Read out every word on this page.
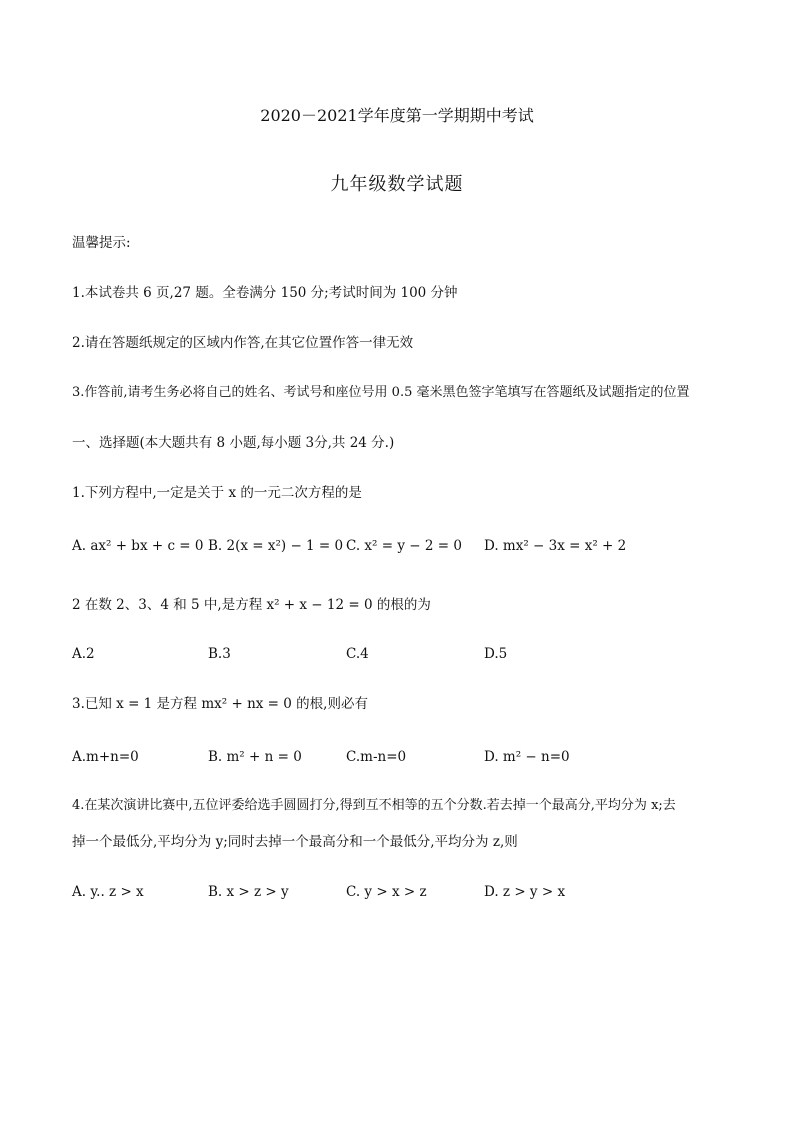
2020－2021学年度第一学期期中考试
九年级数学试题
温馨提示:
1.本试卷共 6 页,27 题。全卷满分 150 分;考试时间为 100 分钟
2.请在答题纸规定的区域内作答,在其它位置作答一律无效
3.作答前,请考生务必将自己的姓名、考试号和座位号用 0.5 毫米黑色签字笔填写在答题纸及试题指定的位置
一、选择题(本大题共有 8 小题,每小题 3分,共 24 分.)
1.下列方程中,一定是关于 x 的一元二次方程的是
A. ax² + bx + c = 0 B. 2(x = x²) − 1 = 0 C. x² = y − 2 = 0 D. mx² − 3x = x² + 2
2 在数 2、3、4 和 5 中,是方程 x² + x − 12 = 0 的根的为
A.2	B.3	C.4	D.5
3.已知 x = 1 是方程 mx² + nx = 0 的根,则必有
A.m+n=0	B. m² + n = 0	C.m-n=0	D. m² − n=0
4.在某次演讲比赛中,五位评委给选手圆圆打分,得到互不相等的五个分数.若去掉一个最高分,平均分为 x;去
掉一个最低分,平均分为 y;同时去掉一个最高分和一个最低分,平均分为 z,则
A. y.. z > x	B. x > z > y	C. y > x > z	D. z > y > x
